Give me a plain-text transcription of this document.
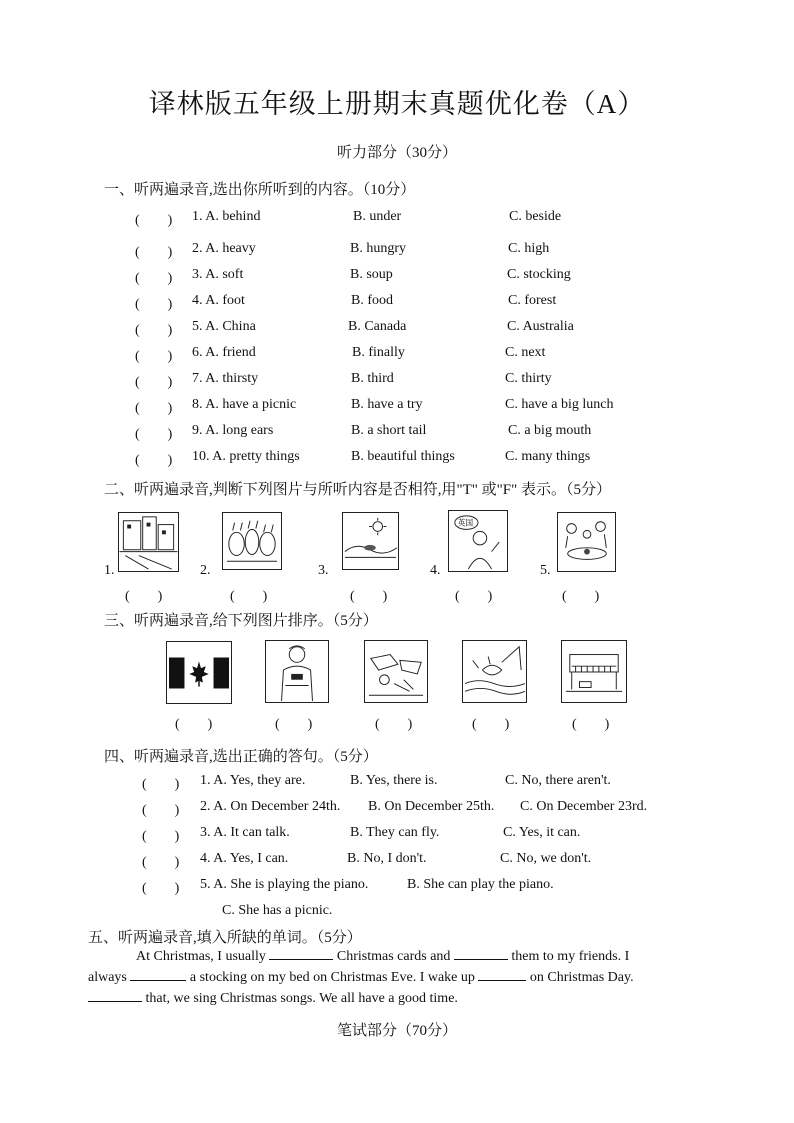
译林版五年级上册期末真题优化卷（A）
听力部分（30分）
一、听两遍录音,选出你所听到的内容。（10分）
(　　) 1. A. behind	B. under	C. beside
(　　) 2. A. heavy	B. hungry	C. high
(　　) 3. A. soft	B. soup	C. stocking
(　　) 4. A. foot	B. food	C. forest
(　　) 5. A. China	B. Canada	C. Australia
(　　) 6. A. friend	B. finally	C. next
(　　) 7. A. thirsty	B. third	C. thirty
(　　) 8. A. have a picnic	B. have a try	C. have a big lunch
(　　) 9. A. long ears	B. a short tail	C. a big mouth
(　　) 10. A. pretty things	B. beautiful things	C. many things
二、听两遍录音,判断下列图片与所听内容是否相符,用"T" 或"F" 表示。（5分）
1.	2.	3.	4.	5.
英国
(　　)	(　　)	(　　)	(　　)	(　　)
三、听两遍录音,给下列图片排序。（5分）
(　　)	(　　)	(　　)	(　　)	(　　)
四、听两遍录音,选出正确的答句。（5分）
(　　) 1. A. Yes, they are.	B. Yes, there is.	C. No, there aren't.
(　　) 2. A. On December 24th. B. On December 25th. C. On December 23rd.
(　　) 3. A. It can talk.	B. They can fly.	C. Yes, it can.
(　　) 4. A. Yes, I can.	B. No, I don't.	C. No, we don't.
(　　) 5. A. She is playing the piano.	B. She can play the piano.
C. She has a picnic.
五、听两遍录音,填入所缺的单词。（5分）
At Christmas, I usually	Christmas cards and	them to my friends. I
always	a stocking on my bed on Christmas Eve. I wake up	on Christmas Day.
that, we sing Christmas songs. We all have a good time.
笔试部分（70分）
